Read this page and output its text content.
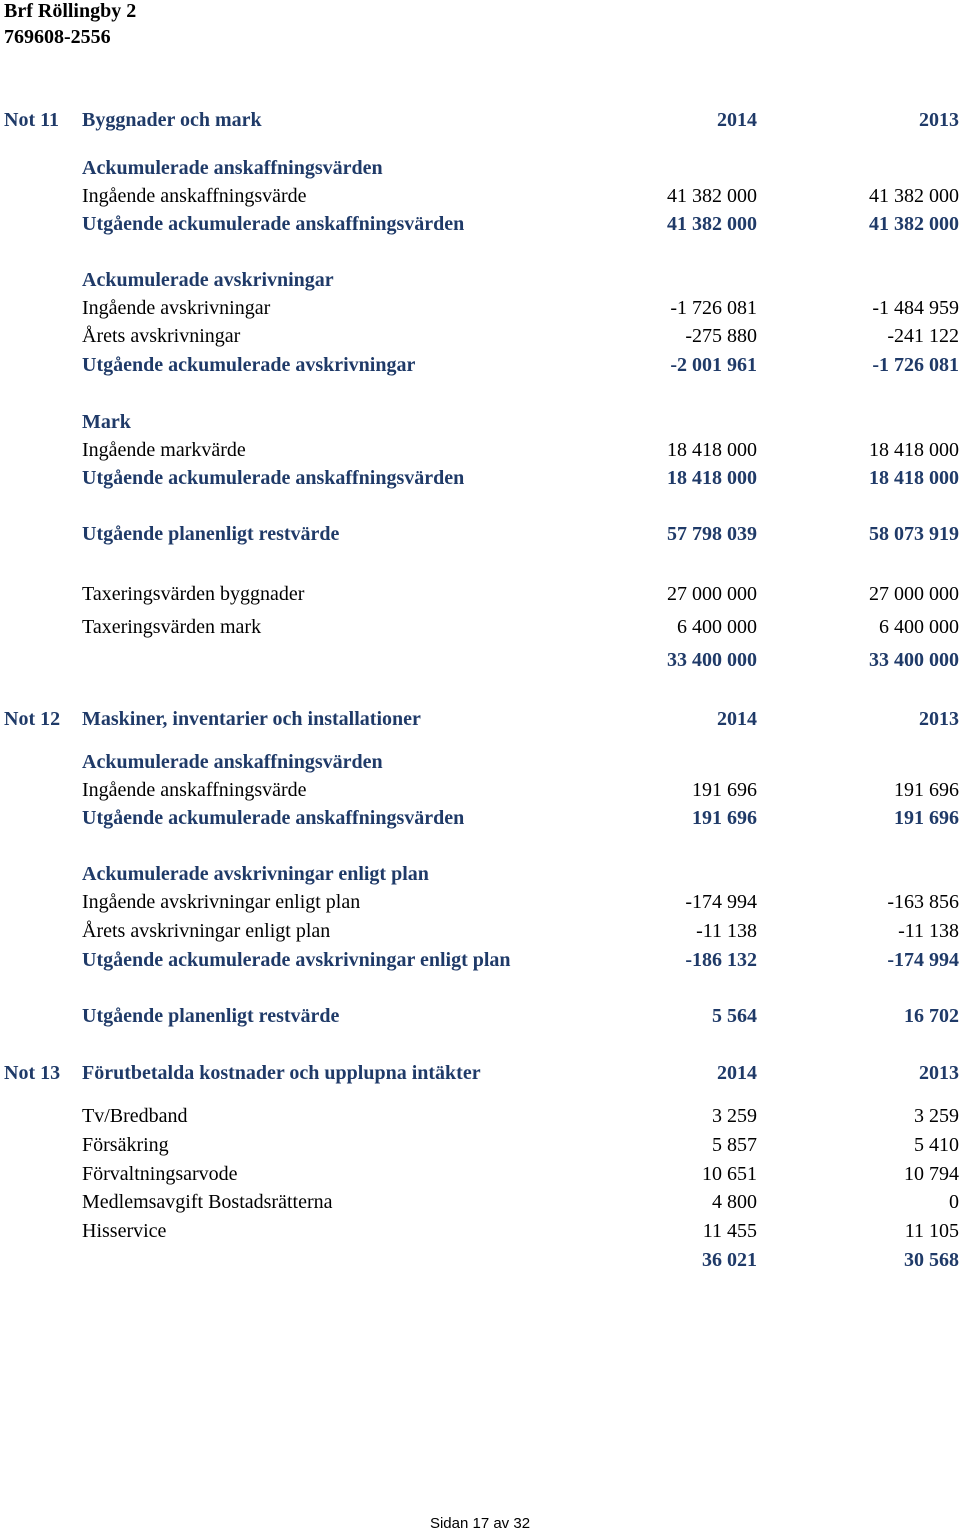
Brf Röllingby 2
769608-2556
Not 11 Byggnader och mark	2014	2013
Ackumulerade anskaffningsvärden
Ingående anskaffningsvärde	41 382 000	41 382 000
Utgående ackumulerade anskaffningsvärden	41 382 000	41 382 000
Ackumulerade avskrivningar
Ingående avskrivningar	-1 726 081	-1 484 959
Årets avskrivningar	-275 880	-241 122
Utgående ackumulerade avskrivningar	-2 001 961	-1 726 081
Mark
Ingående markvärde	18 418 000	18 418 000
Utgående ackumulerade anskaffningsvärden	18 418 000	18 418 000
Utgående planenligt restvärde	57 798 039	58 073 919
Taxeringsvärden byggnader	27 000 000	27 000 000
Taxeringsvärden mark	6 400 000	6 400 000
33 400 000	33 400 000
Not 12 Maskiner, inventarier och installationer	2014	2013
Ackumulerade anskaffningsvärden
Ingående anskaffningsvärde	191 696	191 696
Utgående ackumulerade anskaffningsvärden	191 696	191 696
Ackumulerade avskrivningar enligt plan
Ingående avskrivningar enligt plan	-174 994	-163 856
Årets avskrivningar enligt plan	-11 138	-11 138
Utgående ackumulerade avskrivningar enligt plan	-186 132	-174 994
Utgående planenligt restvärde	5 564	16 702
Not 13 Förutbetalda kostnader och upplupna intäkter	2014	2013
Tv/Bredband	3 259	3 259
Försäkring	5 857	5 410
Förvaltningsarvode	10 651	10 794
Medlemsavgift Bostadsrätterna	4 800	0
Hisservice	11 455	11 105
36 021	30 568
Sidan 17 av 32
